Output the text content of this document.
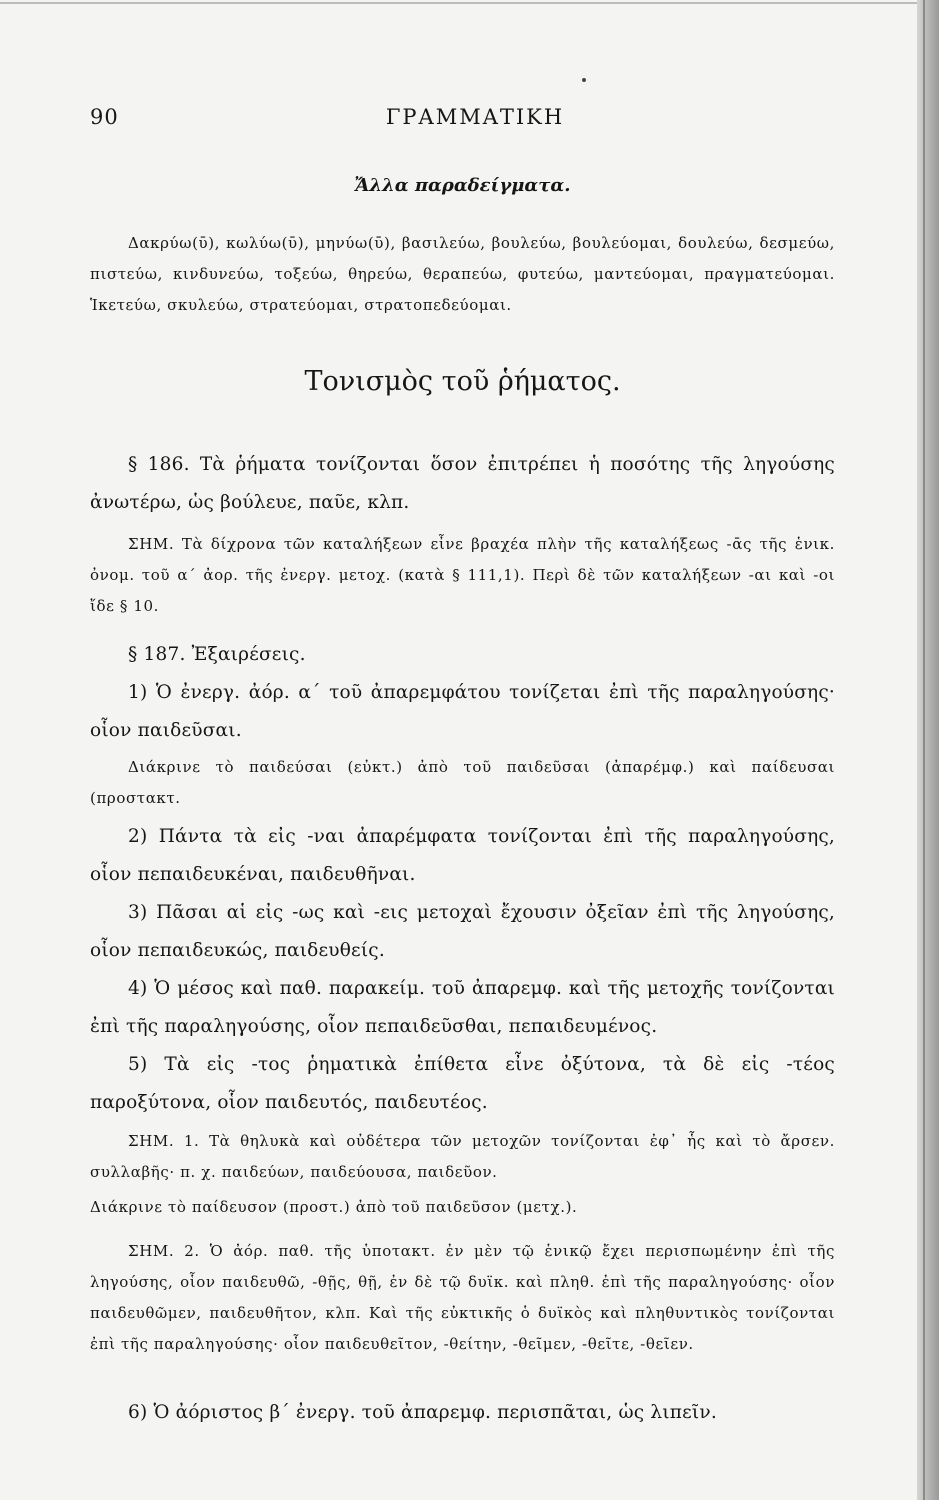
90	ΓΡΑΜΜΑΤΙΚΗ
Ἄλλα παραδείγματα.

Δακρύω(ῡ), κωλύω(ῡ), μηνύω(ῡ), βασιλεύω, βουλεύω, βουλεύομαι, δουλεύω, δεσμεύω, πιστεύω, κινδυνεύω, τοξεύω, θηρεύω, θεραπεύω, φυτεύω, μαντεύομαι, πραγματεύομαι. Ἱκετεύω, σκυλεύω, στρατεύομαι, στρατοπεδεύομαι.

Τονισμὸς τοῦ ῥήματος.

§ 186. Τὰ ῥήματα τονίζονται ὅσον ἐπιτρέπει ἡ ποσότης τῆς ληγούσης ἀνωτέρω, ὡς βούλευε, παῦε, κλπ.

ΣΗΜ. Τὰ δίχρονα τῶν καταλήξεων εἶνε βραχέα πλὴν τῆς καταλήξεως -ᾱς τῆς ἑνικ. ὀνομ. τοῦ α΄ ἀορ. τῆς ἐνεργ. μετοχ. (κατὰ § 111,1). Περὶ δὲ τῶν καταλήξεων -αι καὶ -οι ἴδε § 10.

§ 187. Ἐξαιρέσεις.

1) Ὁ ἐνεργ. ἀόρ. α΄ τοῦ ἀπαρεμφάτου τονίζεται ἐπὶ τῆς παραληγούσης· οἷον παιδεῦσαι.

Διάκρινε τὸ παιδεύσαι (εὐκτ.) ἀπὸ τοῦ παιδεῦσαι (ἀπαρέμφ.) καὶ παίδευσαι (προστακτ.

2) Πάντα τὰ εἰς -ναι ἀπαρέμφατα τονίζονται ἐπὶ τῆς παραληγούσης, οἷον πεπαιδευκέναι, παιδευθῆναι.

3) Πᾶσαι αἱ εἰς -ως καὶ -εις μετοχαὶ ἔχουσιν ὀξεῖαν ἐπὶ τῆς ληγούσης, οἷον πεπαιδευκώς, παιδευθείς.

4) Ὁ μέσος καὶ παθ. παρακείμ. τοῦ ἀπαρεμφ. καὶ τῆς μετοχῆς τονίζονται ἐπὶ τῆς παραληγούσης, οἷον πεπαιδεῦσθαι, πεπαιδευμένος.

5) Τὰ εἰς -τος ῥηματικὰ ἐπίθετα εἶνε ὀξύτονα, τὰ δὲ εἰς -τέος παροξύτονα, οἷον παιδευτός, παιδευτέος.

ΣΗΜ. 1. Τὰ θηλυκὰ καὶ οὐδέτερα τῶν μετοχῶν τονίζονται ἐφ᾽ ἧς καὶ τὸ ἄρσεν. συλλαβῆς· π. χ. παιδεύων, παιδεύουσα, παιδεῦον.

Διάκρινε τὸ παίδευσον (προστ.) ἀπὸ τοῦ παιδεῦσον (μετχ.).

ΣΗΜ. 2. Ὁ ἀόρ. παθ. τῆς ὑποτακτ. ἐν μὲν τῷ ἑνικῷ ἔχει περισπωμένην ἐπὶ τῆς ληγούσης, οἷον παιδευθῶ, -θῇς, θῇ, ἐν δὲ τῷ δυϊκ. καὶ πληθ. ἐπὶ τῆς παραληγούσης· οἷον παιδευθῶμεν, παιδευθῆτον, κλπ. Καὶ τῆς εὐκτικῆς ὁ δυϊκὸς καὶ πληθυντικὸς τονίζονται ἐπὶ τῆς παραληγούσης· οἷον παιδευθεῖτον, -θείτην, -θεῖμεν, -θεῖτε, -θεῖεν.

6) Ὁ ἀόριστος β΄ ἐνεργ. τοῦ ἀπαρεμφ. περισπᾶται, ὡς λιπεῖν.
